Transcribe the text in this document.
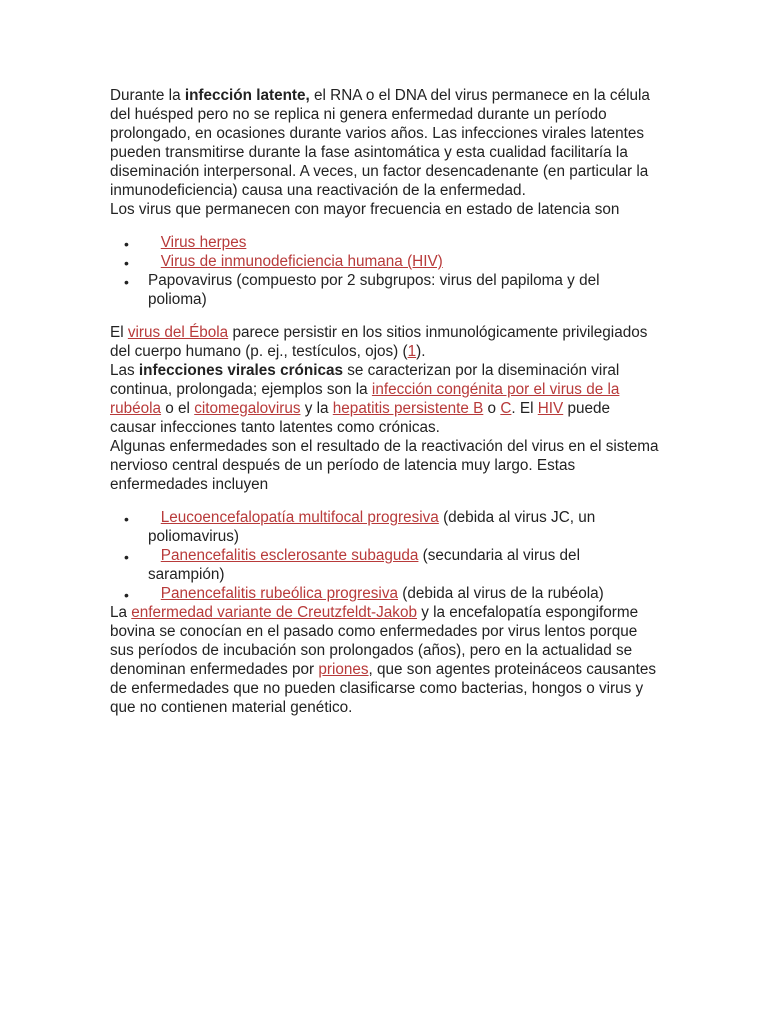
Durante la infección latente, el RNA o el DNA del virus permanece en la célula del huésped pero no se replica ni genera enfermedad durante un período prolongado, en ocasiones durante varios años. Las infecciones virales latentes pueden transmitirse durante la fase asintomática y esta cualidad facilitaría la diseminación interpersonal. A veces, un factor desencadenante (en particular la inmunodeficiencia) causa una reactivación de la enfermedad.

Los virus que permanecen con mayor frecuencia en estado de latencia son

• Virus herpes
• Virus de inmunodeficiencia humana (HIV)
• Papovavirus (compuesto por 2 subgrupos: virus del papiloma y del polioma)

El virus del Ébola parece persistir en los sitios inmunológicamente privilegiados del cuerpo humano (p. ej., testículos, ojos) (1).

Las infecciones virales crónicas se caracterizan por la diseminación viral continua, prolongada; ejemplos son la infección congénita por el virus de la rubéola o el citomegalovirus y la hepatitis persistente B o C. El HIV puede causar infecciones tanto latentes como crónicas.

Algunas enfermedades son el resultado de la reactivación del virus en el sistema nervioso central después de un período de latencia muy largo. Estas enfermedades incluyen

• Leucoencefalopatía multifocal progresiva (debida al virus JC, un poliomavirus)
• Panencefalitis esclerosante subaguda (secundaria al virus del sarampión)
• Panencefalitis rubeólica progresiva (debida al virus de la rubéola)

La enfermedad variante de Creutzfeldt-Jakob y la encefalopatía espongiforme bovina se conocían en el pasado como enfermedades por virus lentos porque sus períodos de incubación son prolongados (años), pero en la actualidad se denominan enfermedades por priones, que son agentes proteináceos causantes de enfermedades que no pueden clasificarse como bacterias, hongos o virus y que no contienen material genético.
